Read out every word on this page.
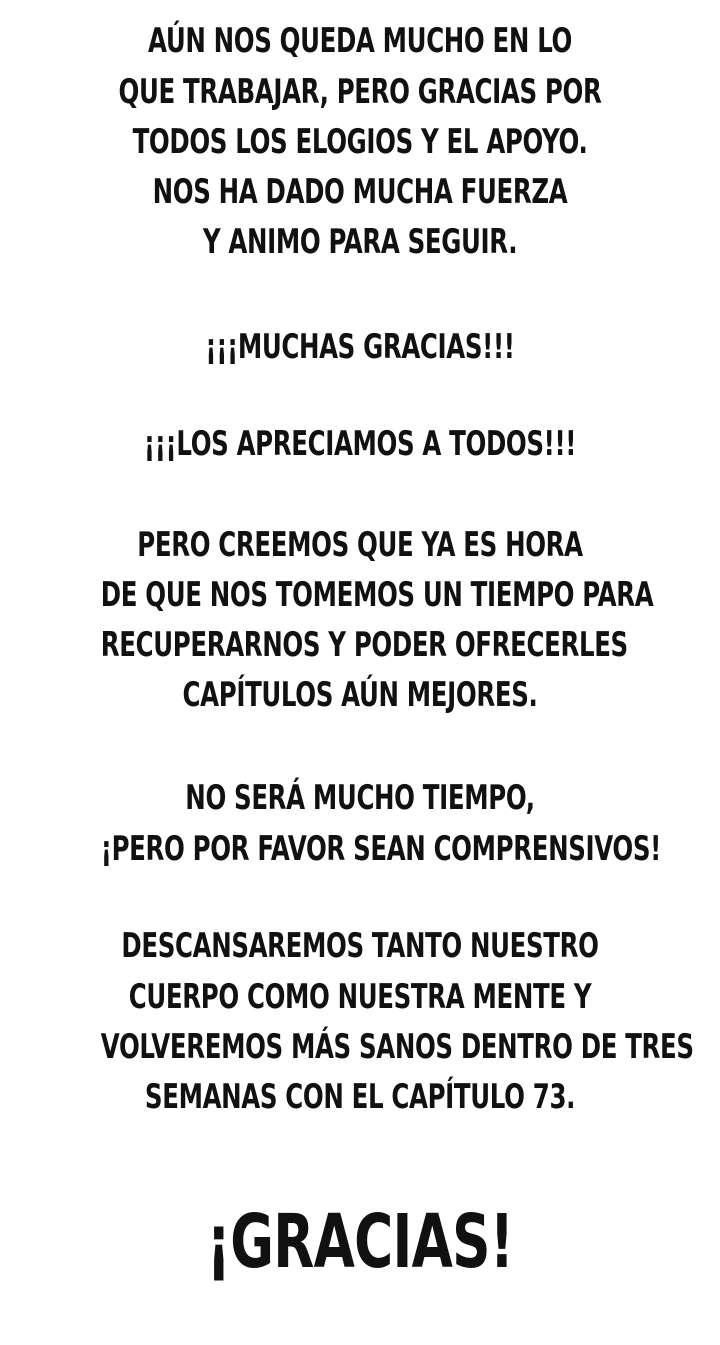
AÚN NOS QUEDA MUCHO EN LO
QUE TRABAJAR, PERO GRACIAS POR
TODOS LOS ELOGIOS Y EL APOYO.
NOS HA DADO MUCHA FUERZA
Y ANIMO PARA SEGUIR.
¡¡¡MUCHAS GRACIAS!!!
¡¡¡LOS APRECIAMOS A TODOS!!!
PERO CREEMOS QUE YA ES HORA
DE QUE NOS TOMEMOS UN TIEMPO PARA
RECUPERARNOS Y PODER OFRECERLES
CAPÍTULOS AÚN MEJORES.
NO SERÁ MUCHO TIEMPO,
¡PERO POR FAVOR SEAN COMPRENSIVOS!
DESCANSAREMOS TANTO NUESTRO
CUERPO COMO NUESTRA MENTE Y
VOLVEREMOS MÁS SANOS DENTRO DE TRES
SEMANAS CON EL CAPÍTULO 73.
¡GRACIAS!
